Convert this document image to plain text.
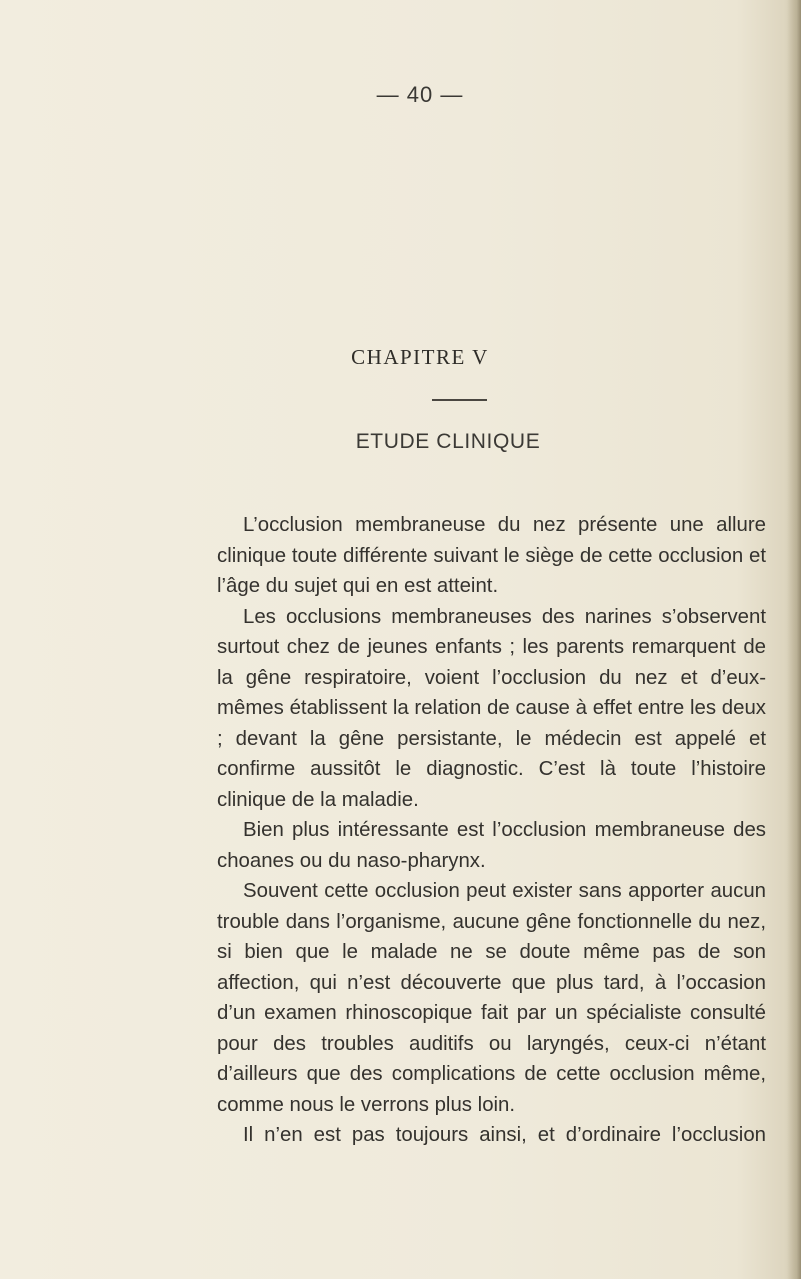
— 40 —
CHAPITRE V
ETUDE CLINIQUE

L’occlusion membraneuse du nez présente une allure clinique toute différente suivant le siège de cette occlusion et l’âge du sujet qui en est atteint.

Les occlusions membraneuses des narines s’observent surtout chez de jeunes enfants ; les parents remarquent de la gêne respiratoire, voient l’occlusion du nez et d’eux-mêmes établissent la relation de cause à effet entre les deux ; devant la gêne persistante, le médecin est appelé et confirme aussitôt le diagnostic. C’est là toute l’histoire clinique de la maladie.

Bien plus intéressante est l’occlusion membraneuse des choanes ou du naso-pharynx.

Souvent cette occlusion peut exister sans apporter aucun trouble dans l’organisme, aucune gêne fonctionnelle du nez, si bien que le malade ne se doute même pas de son affection, qui n’est découverte que plus tard, à l’occasion d’un examen rhinoscopique fait par un spécialiste consulté pour des troubles auditifs ou laryngés, ceux-ci n’étant d’ailleurs que des complications de cette occlusion même, comme nous le verrons plus loin.

Il n’en est pas toujours ainsi, et d’ordinaire l’occlusion
